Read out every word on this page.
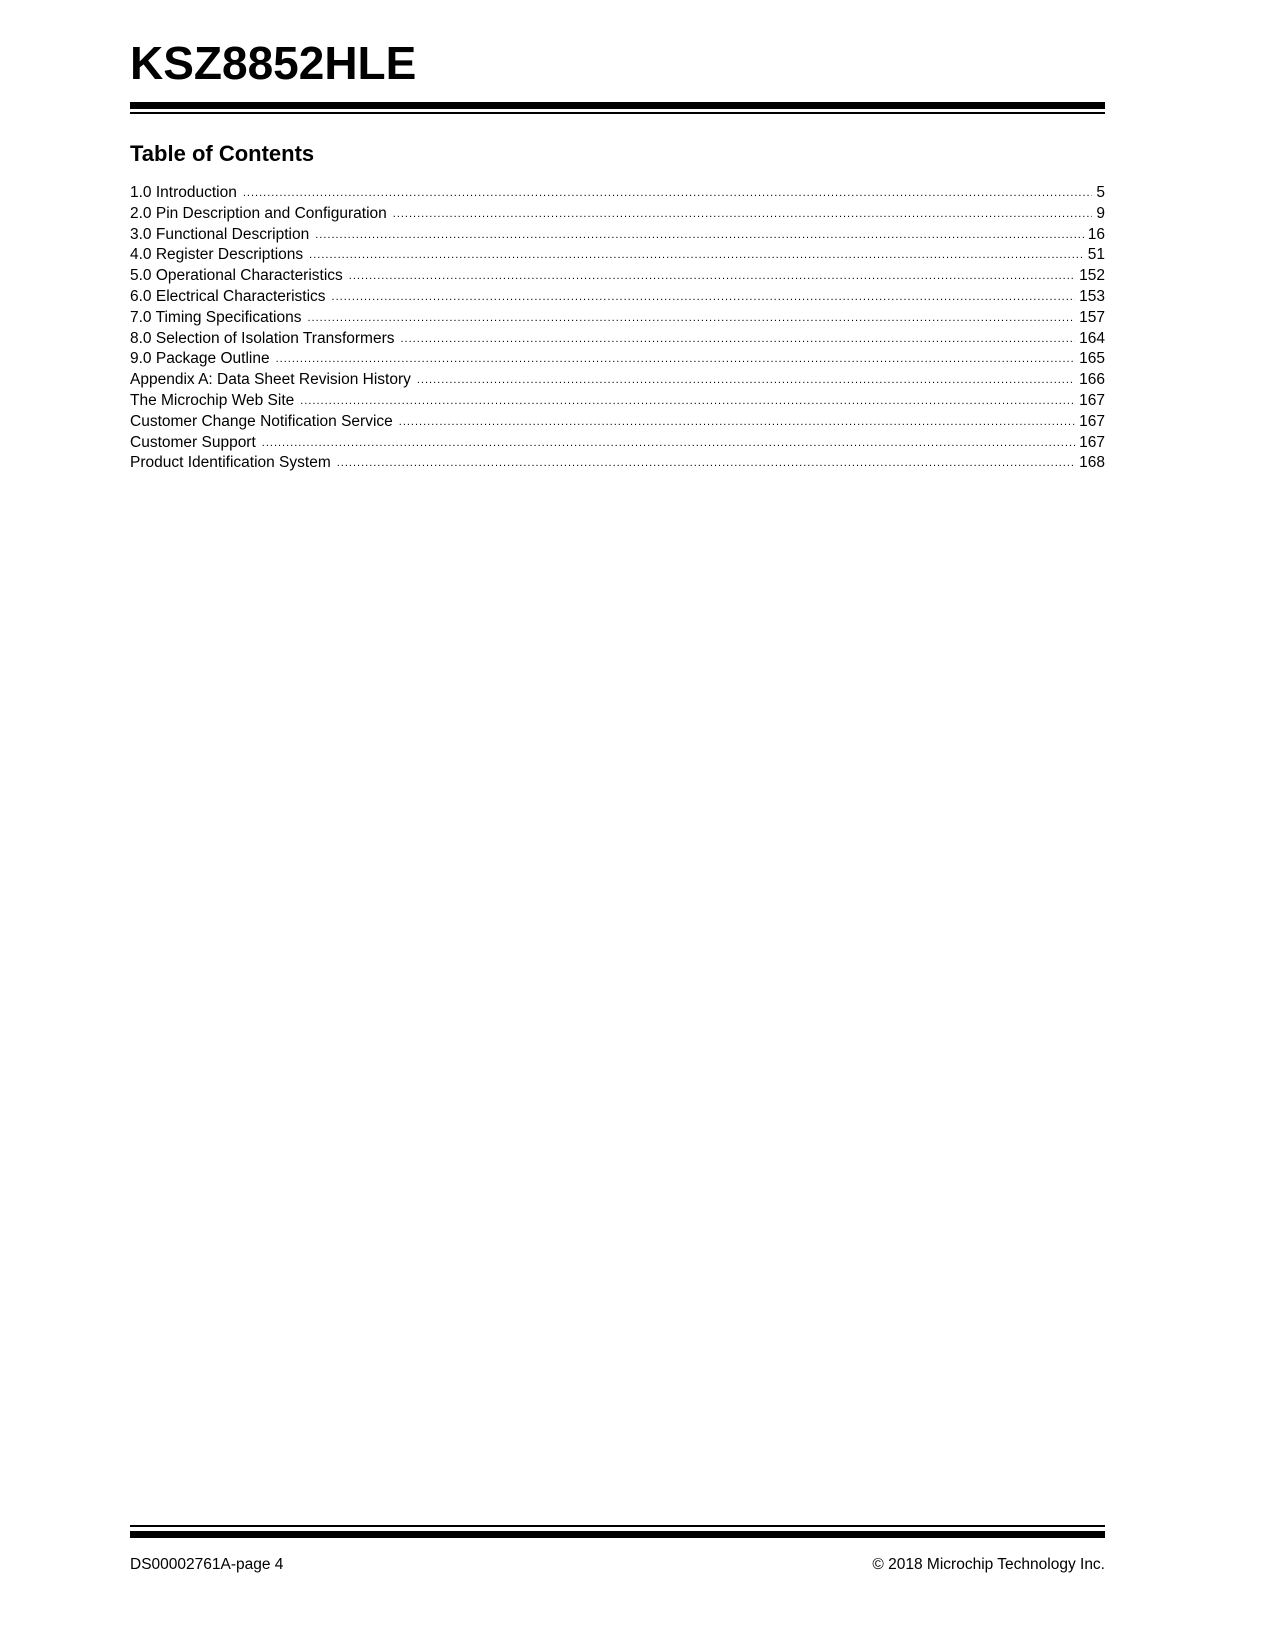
KSZ8852HLE
Table of Contents
1.0 Introduction .....	5
2.0 Pin Description and Configuration .....	9
3.0 Functional Description .....	16
4.0 Register Descriptions .....	51
5.0 Operational Characteristics .....	152
6.0 Electrical Characteristics .....	153
7.0 Timing Specifications .....	157
8.0 Selection of Isolation Transformers .....	164
9.0 Package Outline .....	165
Appendix A: Data Sheet Revision History .....	166
The Microchip Web Site .....	167
Customer Change Notification Service .....	167
Customer Support .....	167
Product Identification System .....	168
DS00002761A-page 4	© 2018 Microchip Technology Inc.
